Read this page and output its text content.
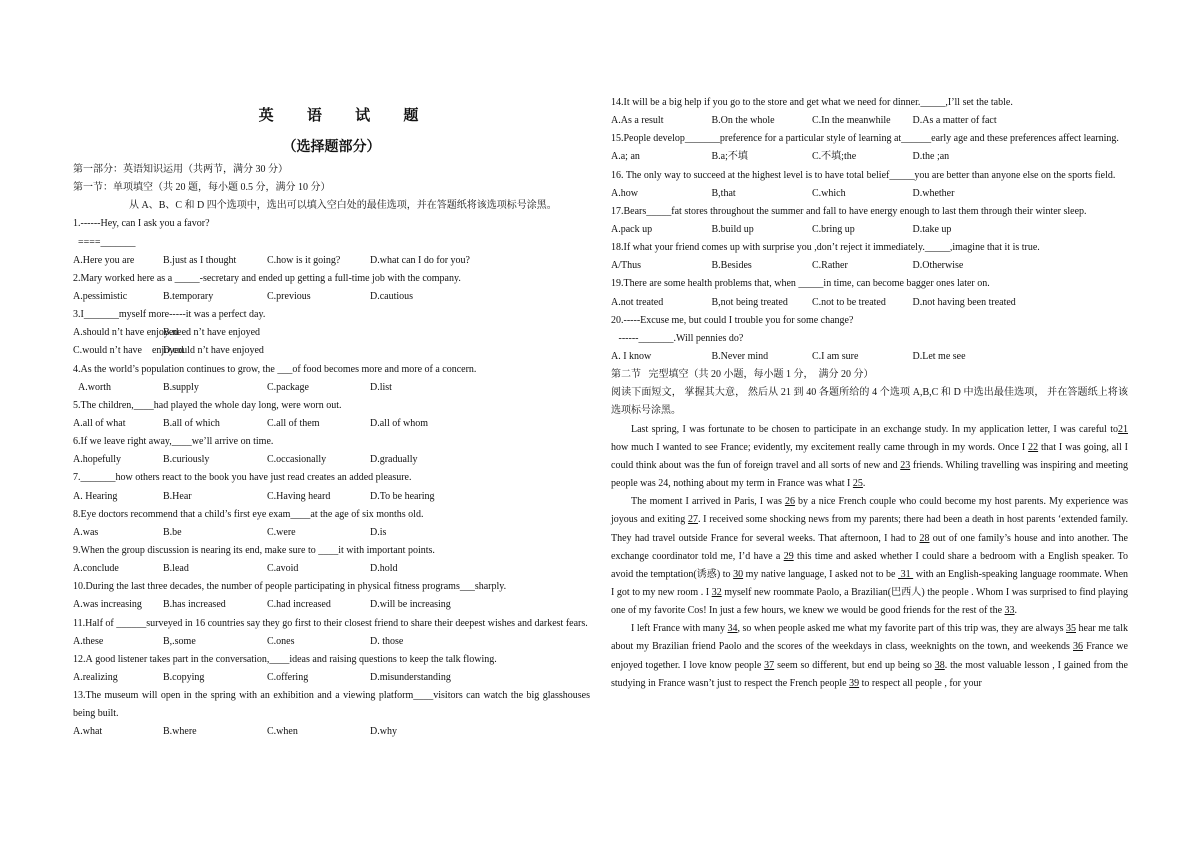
英 语 试 题
（选择题部分）
第一部分：英语知识运用（共两节，满分 30 分）
第一节：单项填空（共 20 题，每小题 0.5 分，满分 10 分）
从 A、B、C 和 D 四个选项中，选出可以填入空白处的最佳选项，并在答题纸将该选项标号涂黑。
1.------Hey, can I ask you a favor?
====_______
A.Here you are	B.just as I thought	C.how is it going?	D.what can I do for you?
2.Mary worked here as a _____-secretary and ended up getting a full-time job with the company.
A.pessimistic	B.temporary	C.previous	D.cautious
3.I_______myself more-----it was a perfect day.
A.should n’t have enjoyed
B.need n’t have enjoyed
C.would n’t have    enjoyed
D.could n’t have enjoyed
4.As the world’s population continues to grow, the ___of food becomes more and more of a concern.
A.worth	B.supply	C.package	D.list
5.The children,____had played the whole day long, were worn out.
A.all of what	B.all of which	C.all of them	D.all of whom
6.If we leave right away,____we’ll arrive on time.
A.hopefully	B.curiously	C.occasionally	D.gradually
7._______how others react to the book you have just read creates an added pleasure.
A. Hearing	B.Hear	C.Having heard	D.To be hearing
8.Eye doctors recommend that a child’s first eye exam____at the age of six months old.
A.was	B.be	C.were	D.is
9.When the group discussion is nearing its end, make sure to ____it with important points.
A.conclude	B.lead	C.avoid	D.hold
10.During the last three decades, the number of people participating in physical fitness programs___sharply.
A.was increasing	B.has increased	C.had increased	D.will be increasing
11.Half of ______surveyed in 16 countries say they go first to their closest friend to share their deepest wishes and darkest fears.
A.these	B,.some	C.ones	D. those
12.A good listener takes part in the conversation,____ideas and raising questions to keep the talk flowing.
A.realizing	B.copying	C.offering	D.misunderstanding
13.The museum will open in the spring with an exhibition and a viewing platform____visitors can watch the big glasshouses being built.
A.what	B.where	C.when	D.why
14.It will be a big help if you go to the store and get what we need for dinner._____,I’ll set the table.
A.As a result	B.On the whole	C.In the meanwhile	D.As a matter of fact
15.People develop_______preference for a particular style of learning at______early age and these preferences affect learning.
A.a; an	B.a;不填	C.不填;the	D.the ;an
16. The only way to succeed at the highest level is to have total belief_____you are better than anyone else on the sports field.
A.how	B,that	C.which	D.whether
17.Bears_____fat stores throughout the summer and fall to have energy enough to last them through their winter sleep.
A.pack up	B.build up	C.bring up	D.take up
18.If what your friend comes up with surprise you ,don’t reject it immediately._____,imagine that it is true.
A/Thus	B.Besides	C.Rather	D.Otherwise
19.There are some health problems that, when _____in time, can become bagger ones later on.
A.not treated	B,not being treated	C.not to be treated	D.not having been treated
20.-----Excuse me, but could I trouble you for some change?
------_______.Will pennies do?
A. I know	B.Never mind	C.I am sure	D.Let me see
第二节   完型填空（共 20 小题，每小题 1 分，  满分 20 分）
阅读下面短文， 掌握其大意， 然后从 21 到 40 各题所给的 4 个选项 A,B,C 和 D 中选出最佳选项， 并在答题纸上将该选项标号涂黑。
Last spring, I was fortunate to be chosen to participate in an exchange study. In my application letter, I was careful to21 how much I wanted to see France; evidently, my excitement really came through in my words. Once I 22 that I was going, all I could think about was the fun of foreign travel and all sorts of new and 23 friends. Whiling travelling was inspiring and meeting people was 24, nothing about my term in France was what I 25.
The moment I arrived in Paris, I was 26 by a nice French couple who could become my host parents. My experience was joyous and exiting 27. I received some shocking news from my parents; there had been a death in host parents ‘extended family. They had travel outside France for several weeks. That afternoon, I had to 28 out of one family’s house and into another. The exchange coordinator told me, I’d have a 29 this time and asked whether I could share a bedroom with a English speaker. To avoid the temptation(诱惑) to 30 my native language, I asked not to be  31  with an English-speaking language roommate. When I got to my new room . I 32 myself new roommate Paolo, a Brazilian(巴西人) the people . Whom I was surprised to find playing one of my favorite Cos! In just a few hours, we knew we would be good friends for the rest of the 33.
I left France with many 34, so when people asked me what my favorite part of this trip was, they are always 35 hear me talk about my Brazilian friend Paolo and the scores of the weekdays in class, weeknights on the town, and weekends 36 France we enjoyed together. I love know people 37 seem so different, but end up being so 38. the most valuable lesson , I gained from the studying in France wasn’t just to respect the French people 39 to respect all people , for your
